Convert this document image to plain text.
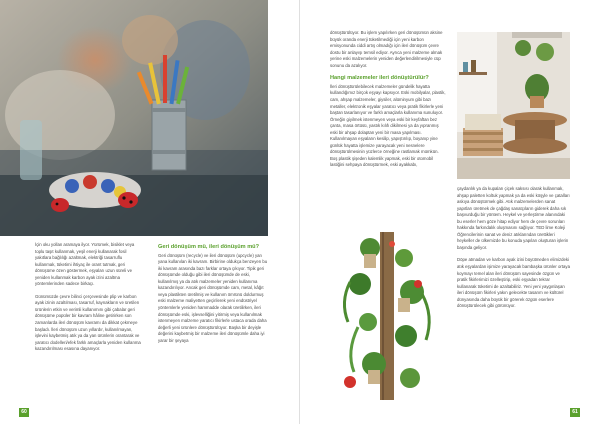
İçin oku yollan aramaya ilyor. Yürümek, bisiklet veya toplu taşıt kullanmak, yeşil enerji kullanarak fosil yakıtlara bağlılığı azaltmak, elektriği tasarruflu kullanmak, tüketimi ihtiyaç ile orant tutmak, geri dönüşüme özen göstermek, eşyaları uzun süreli ve yeniden kullanmak karbon ayak izini azaltma yöntemlerinden sadece birkaçı.

Günümüzde çevre bilinci çerçevesinde plip ve karbon ayak izinin azaltılması, tasarruf, kaynakların ve üretilen ürünlerin etkin ve verimli kullanımını gibi çabalar geri dönüşüme popüler bir kavram hâline getirirken son zamanlarda ileri dönüşüm kavramı da dikkat çekmeye başladı. İleri dönüşüm uzun yıllardır, kullanılmayan, işlevini kaybetmiş atık ya da yan ürünlerin orantarak ve yaratıcı dodelleri/efek farklı amaçlarla yeniden kullanma kazandırılması esasına dayanıyor.

Geri dönüşüm mü, ileri dönüşüm mü?

Geri dönüşüm (recycle) ve ileri dönüşüm (upcycle) yan yana kullanılan iki kavram. Birbirine oldukça benzeyen bu iki kavram arasında bazı farklar ortaya çıkıyor. Tipik geri dönüşümde olduğu gibi ileri dönüşümde de eski, kullanılmış ya da atık malzemeler yeniden kullanıma kazandırılıyor. Ancak geri dönüşümde cam, metal, kâğıt veya plastikten üretilmiş ve kullanım ömrünü doldurmuş eski malzeme maliyetten geçirilerek yeni endüstriyel yöntemlerle yeniden hammadde olarak üretilirken, ileri dönüşümde eski, işlevselliğini yitirmiş veya kullanılmak istenmeyen malzeme yaratıcı fikirlerle ustaca orada daha değerli yeni ürünlere dönüştürülüyor. Başka bir deyişle değerini kaybetmiş bir malzeme ileri dönüşümle daha iyi yarar bir şeyaya

60

dönüştürülüyor. Bu işlem yapılırken geri dönüşümün aksine büyük oranda enerji tüketilmediği için yeni karbon emisyonunda ciddi artış olmadığı için ileri dönüşüm çevre dostu bir anlayışı temsil ediyor. Ayrıca yeni malzeme almak yerine eski malzemelerin yeniden değerlendirilmesiyle cüp sonunu da azalıyor.

Hangi malzemeler ileri dönüştürülür?

İleri dönüştürülebilecek malzemeler gündelik hayatta kullandığımız birçok eşyayı kapsıyor. Eski mobilyalar, plastik, cam, ahşap malzemeler, giysiler, alüminyum gibi bazı metaller, elektronik eşyalar yaratıcı veya pratik fikirlerle yeni baştan tasarlanıyor ve farklı amaçlarla kullanıma sunuluyor. Örneğin giyilmek istenmeyen veya eski bir keyfaftan bez çanta, masa örtüsü, yastık kılıfı dikilmesi ya da yıpranmış eski bir ahşap dolaptan yeni bir masa yapılması. Kullanılmayan eşyaların kesilip, yapıştırılıp, boyanıp yine günlük hayatta işlemize yarayacak yeni nesnelere dönüştürülmesinin yüzlerce örneğine rastlamak mümkün. Boş plastik şişeden kalemlik yapmak, eski bir otomobil lastiğini sehpaya dönüştürmek, eski ayakkabı,

çaydanlık ya da kupaları çiçek saksısı olarak kullanmak, ahşap paletten koltuk yapmak ya da eski köşyle ve çatalları askıya dönüştürmek gibi. Atık malzemelerden sanat yapıtları üretmek de çağdaş sanatçıların giderek daha sık başvurduğu bir yöntem. Heykel ve yerleştirme alanındaki bu eserler hem göze hitap ediyor hem de çevre sorunları hakkında farkındalık oluşmasını sağlıyor. TED lime Koleji Öğrencilerinin sanat ve deniz atıklarından ürettikleri heykeller de ülkemizde bu konuda yapılan oluşturan işlerin başında geliyor.

Döpe atmadan ve karbon ayak izini büyütmeden elimizdeki atık eşyalardan işimize yarayacak bambaşka ürünler ortaya koymayı temel alan ileri dönüşüm sayesinde özgün ve pratik fikirlerimizi özelleştirip, eski eşyadan tekrar kullanarak tüketimi de azaltabiliriz. Yeni yeni yaygınlaşan ileri dönüşüm fikirleri yakın gelecekte tasarım ve kültürel dünyasında daha büyük bir görerek özgün eserlere dönüştürülecek gibi görünüyor.

61
